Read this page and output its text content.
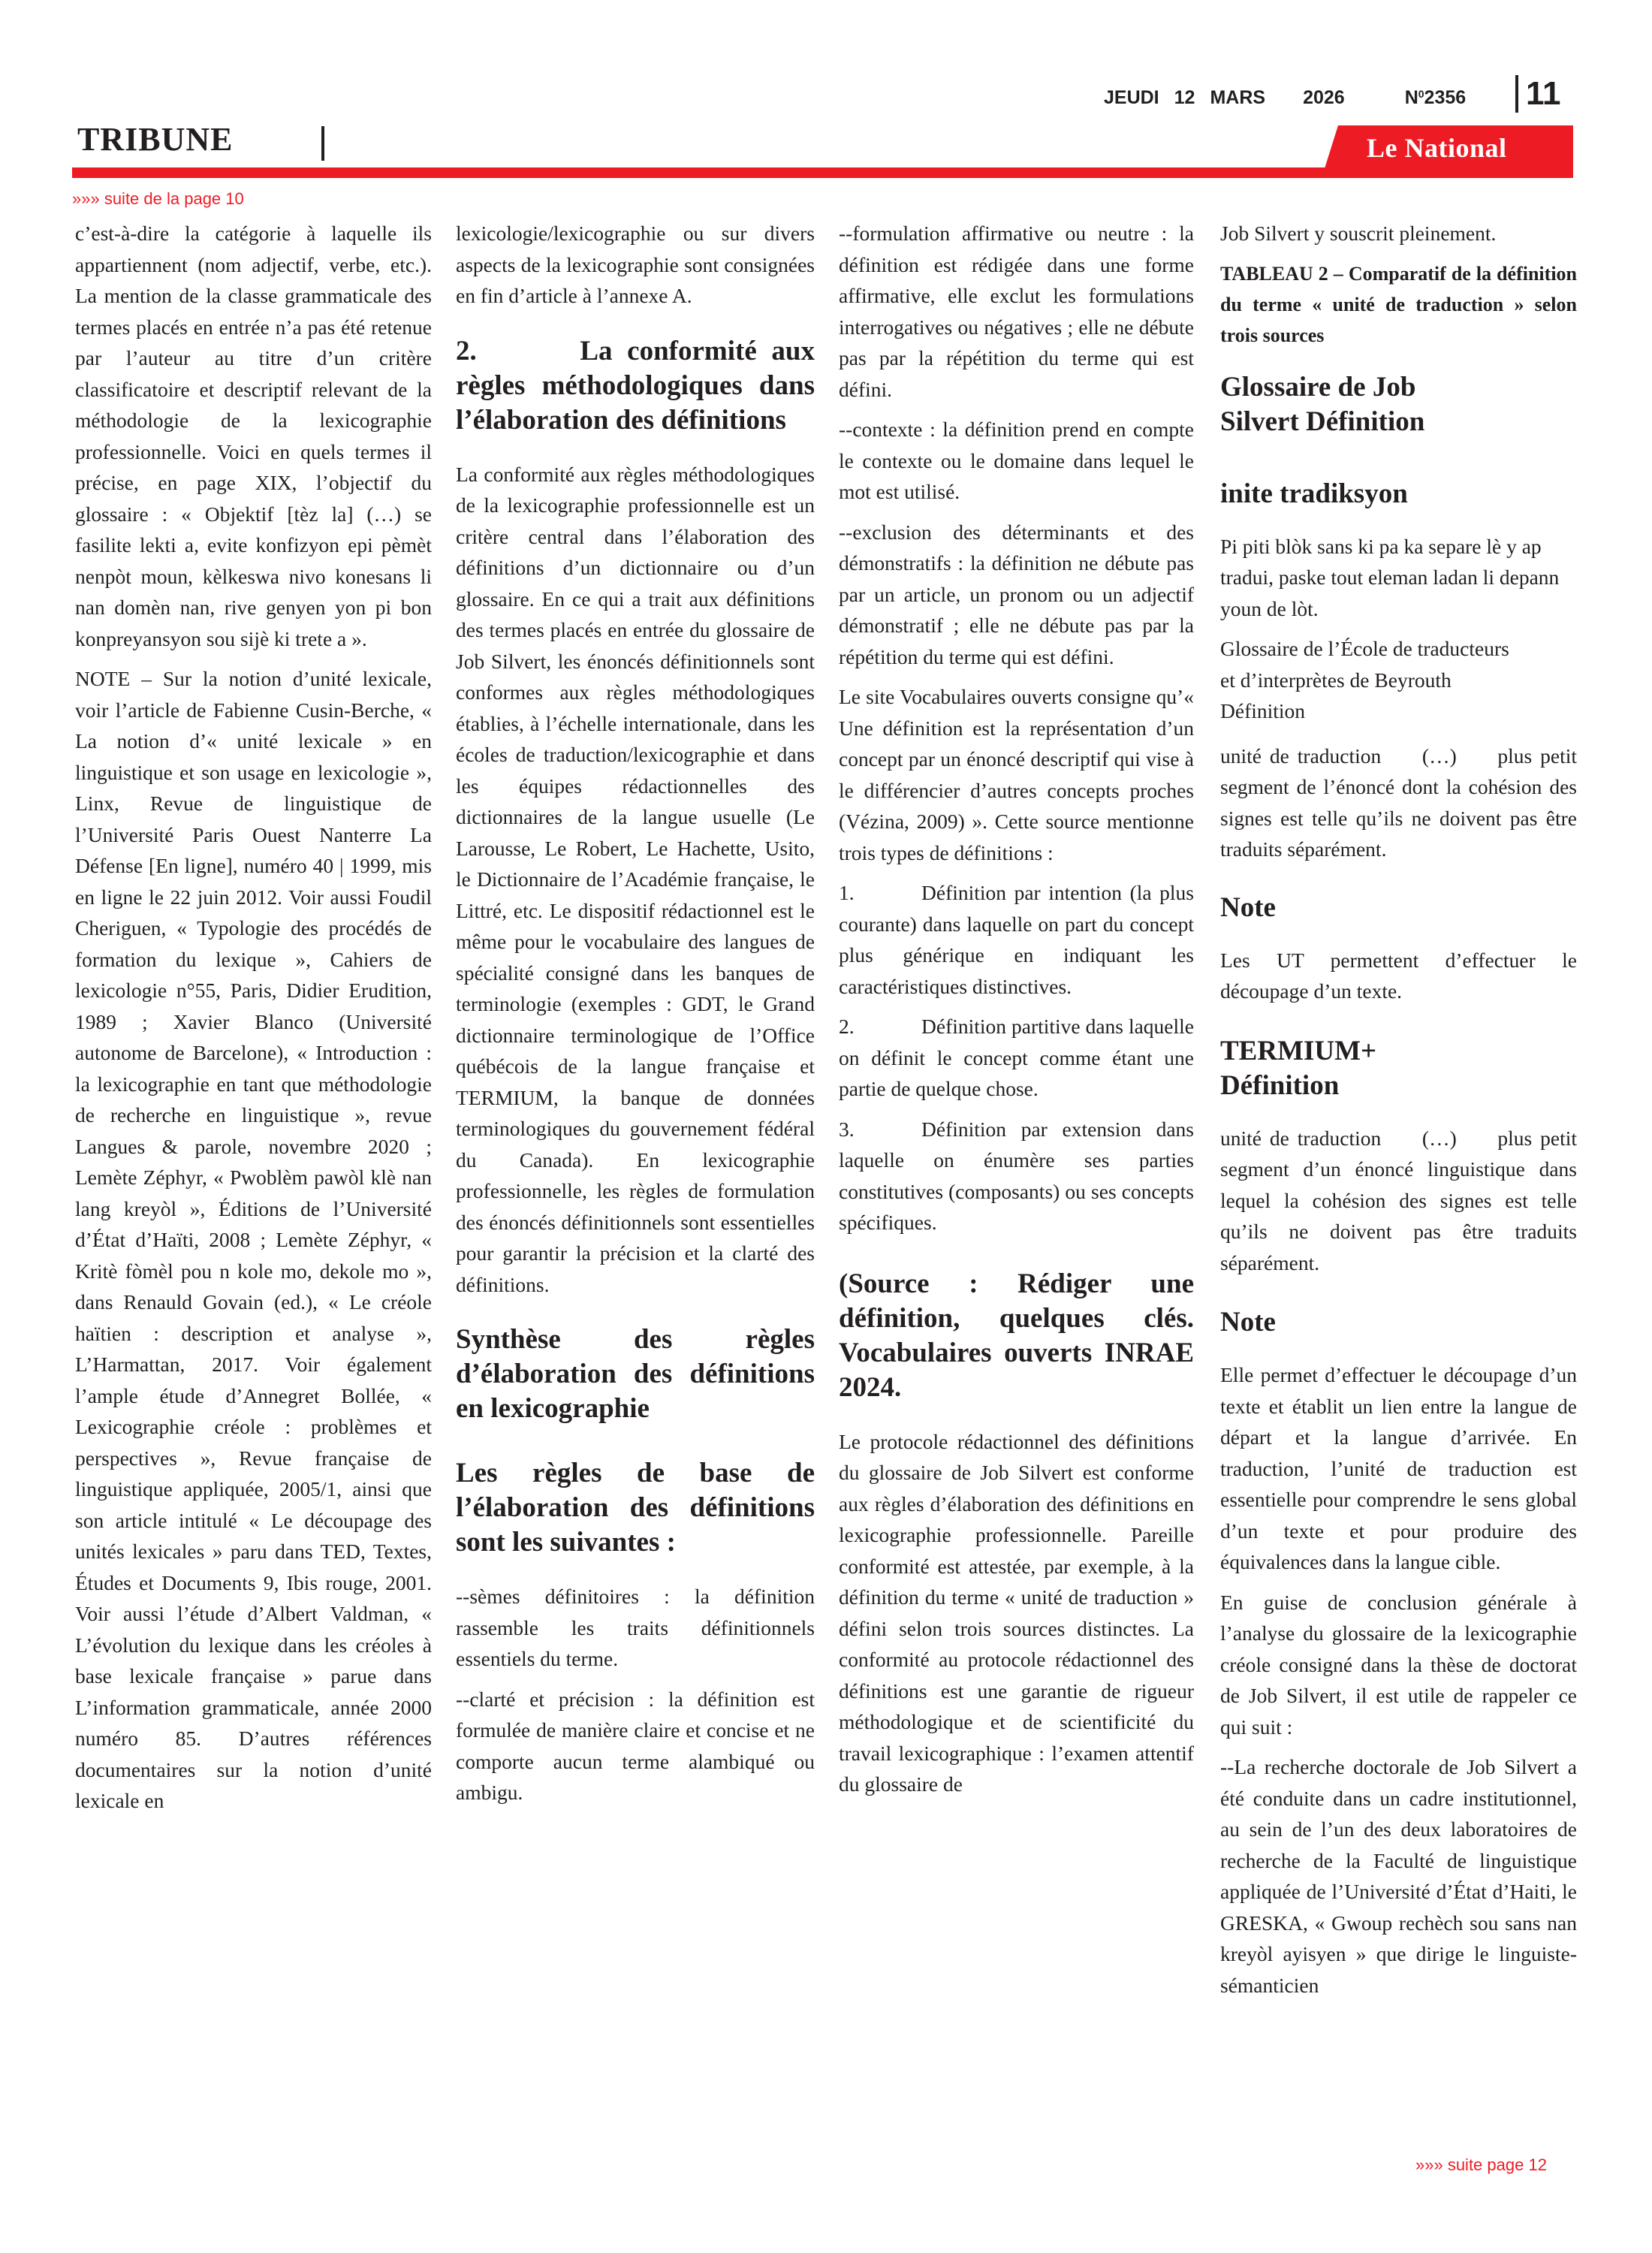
JEUDI 12 MARS 2026	$N^02356$ 11
TRIBUNE	Le National
»»» suite de la page 10

c’est-à-dire la catégorie à laquelle ils appartiennent (nom adjectif, verbe, etc.). La mention de la classe grammaticale des termes placés en entrée n’a pas été retenue par l’auteur au titre d’un critère classificatoire et descriptif relevant de la méthodologie de la lexicographie professionnelle. Voici en quels termes il précise, en page XIX, l’objectif du glossaire : « Objektif [tèz la] (…) se fasilite lekti a, evite konfizyon epi pèmèt nenpòt moun, kèlkeswa nivo konesans li nan domèn nan, rive genyen yon pi bon konpreyansyon sou sijè ki trete a ».

NOTE – Sur la notion d’unité lexicale, voir l’article de Fabienne Cusin-Berche, « La notion d’« unité lexicale » en linguistique et son usage en lexicologie », Linx, Revue de linguistique de l’Université Paris Ouest Nanterre La Défense [En ligne], numéro 40 | 1999, mis en ligne le 22 juin 2012. Voir aussi Foudil Cheriguen, « Typologie des procédés de formation du lexique », Cahiers de lexicologie n°55, Paris, Didier Erudition, 1989 ; Xavier Blanco (Université autonome de Barcelone), « Introduction : la lexicographie en tant que méthodologie de recherche en linguistique », revue Langues & parole, novembre 2020 ; Lemète Zéphyr, « Pwoblèm pawòl klè nan lang kreyòl », Éditions de l’Université d’État d’Haïti, 2008 ; Lemète Zéphyr, « Kritè fòmèl pou n kole mo, dekole mo », dans Renauld Govain (ed.), « Le créole haïtien : description et analyse », L’Harmattan, 2017. Voir également l’ample étude d’Annegret Bollée, « Lexicographie créole : problèmes et perspectives », Revue française de linguistique appliquée, 2005/1, ainsi que son article intitulé « Le découpage des unités lexicales » paru dans TED, Textes, Études et Documents 9, Ibis rouge, 2001. Voir aussi l’étude d’Albert Valdman, « L’évolution du lexique dans les créoles à base lexicale française » parue dans L’information grammaticale, année 2000 numéro 85. D’autres références documentaires sur la notion d’unité lexicale en

lexicologie/lexicographie ou sur divers aspects de la lexicographie sont consignées en fin d’article à l’annexe A.

2.       La conformité aux règles méthodologiques dans l’élaboration des définitions

La conformité aux règles méthodologiques de la lexicographie professionnelle est un critère central dans l’élaboration des définitions d’un dictionnaire ou d’un glossaire. En ce qui a trait aux définitions des termes placés en entrée du glossaire de Job Silvert, les énoncés définitionnels sont conformes aux règles méthodologiques établies, à l’échelle internationale, dans les écoles de traduction/lexicographie et dans les équipes rédactionnelles des dictionnaires de la langue usuelle (Le Larousse, Le Robert, Le Hachette, Usito, le Dictionnaire de l’Académie française, le Littré, etc. Le dispositif rédactionnel est le même pour le vocabulaire des langues de spécialité consigné dans les banques de terminologie (exemples : GDT, le Grand dictionnaire terminologique de l’Office québécois de la langue française et TERMIUM, la banque de données terminologiques du gouvernement fédéral du Canada). En lexicographie professionnelle, les règles de formulation des énoncés définitionnels sont essentielles pour garantir la précision et la clarté des définitions.

Synthèse des règles d’élaboration des définitions en lexicographie
Les règles de base de l’élaboration des définitions sont les suivantes :

--sèmes définitoires : la définition rassemble les traits définitionnels essentiels du terme.

--clarté et précision : la définition est formulée de manière claire et concise et ne comporte aucun terme alambiqué ou ambigu.

--formulation affirmative ou neutre : la définition est rédigée dans une forme affirmative, elle exclut les formulations interrogatives ou négatives ; elle ne débute pas par la répétition du terme qui est défini.

--contexte : la définition prend en compte le contexte ou le domaine dans lequel le mot est utilisé.

--exclusion des déterminants et des démonstratifs : la définition ne débute pas par un article, un pronom ou un adjectif démonstratif ; elle ne débute pas par la répétition du terme qui est défini.

Le site Vocabulaires ouverts consigne qu’« Une définition est la représentation d’un concept par un énoncé descriptif qui vise à le différencier d’autres concepts proches (Vézina, 2009) ». Cette source mentionne trois types de définitions :

1.	Définition par intention (la plus courante) dans laquelle on part du concept plus générique en indiquant les caractéristiques distinctives.

2.	Définition partitive dans laquelle on définit le concept comme étant une partie de quelque chose.

3.	Définition par extension dans laquelle on énumère ses parties constitutives (composants) ou ses concepts spécifiques.

(Source : Rédiger une définition, quelques clés. Vocabulaires ouverts INRAE 2024.

Le protocole rédactionnel des définitions du glossaire de Job Silvert est conforme aux règles d’élaboration des définitions en lexicographie professionnelle. Pareille conformité est attestée, par exemple, à la définition du terme « unité de traduction » défini selon trois sources distinctes. La conformité au protocole rédactionnel des définitions est une garantie de rigueur méthodologique et de scientificité du travail lexicographique : l’examen attentif du glossaire de

Job Silvert y souscrit pleinement.

TABLEAU 2 – Comparatif de la définition du terme « unité de traduction » selon trois sources

Glossaire de Job Silvert Définition
inite tradiksyon

Pi piti blòk sans ki pa ka separe lè y ap tradui, paske tout eleman ladan li depann youn de lòt.

Glossaire de l’École de traducteurs
et d’interprètes de Beyrouth
Définition

unité de traduction     (…)     plus petit segment de l’énoncé dont la cohésion des signes est telle qu’ils ne doivent pas être traduits séparément.

Note

Les UT permettent d’effectuer le découpage d’un texte.

TERMIUM+
Définition

unité de traduction     (…)     plus petit segment d’un énoncé linguistique dans lequel la cohésion des signes est telle qu’ils ne doivent pas être traduits séparément.

Note

Elle permet d’effectuer le découpage d’un texte et établit un lien entre la langue de départ et la langue d’arrivée. En traduction, l’unité de traduction est essentielle pour comprendre le sens global d’un texte et pour produire des équivalences dans la langue cible.

En guise de conclusion générale à l’analyse du glossaire de la lexicographie créole consigné dans la thèse de doctorat de Job Silvert, il est utile de rappeler ce qui suit :

--La recherche doctorale de Job Silvert a été conduite dans un cadre institutionnel, au sein de l’un des deux laboratoires de recherche de la Faculté de linguistique appliquée de l’Université d’État d’Haiti, le GRESKA, « Gwoup rechèch sou sans nan kreyòl ayisyen » que dirige le linguiste-sémanticien

»»» suite page 12
